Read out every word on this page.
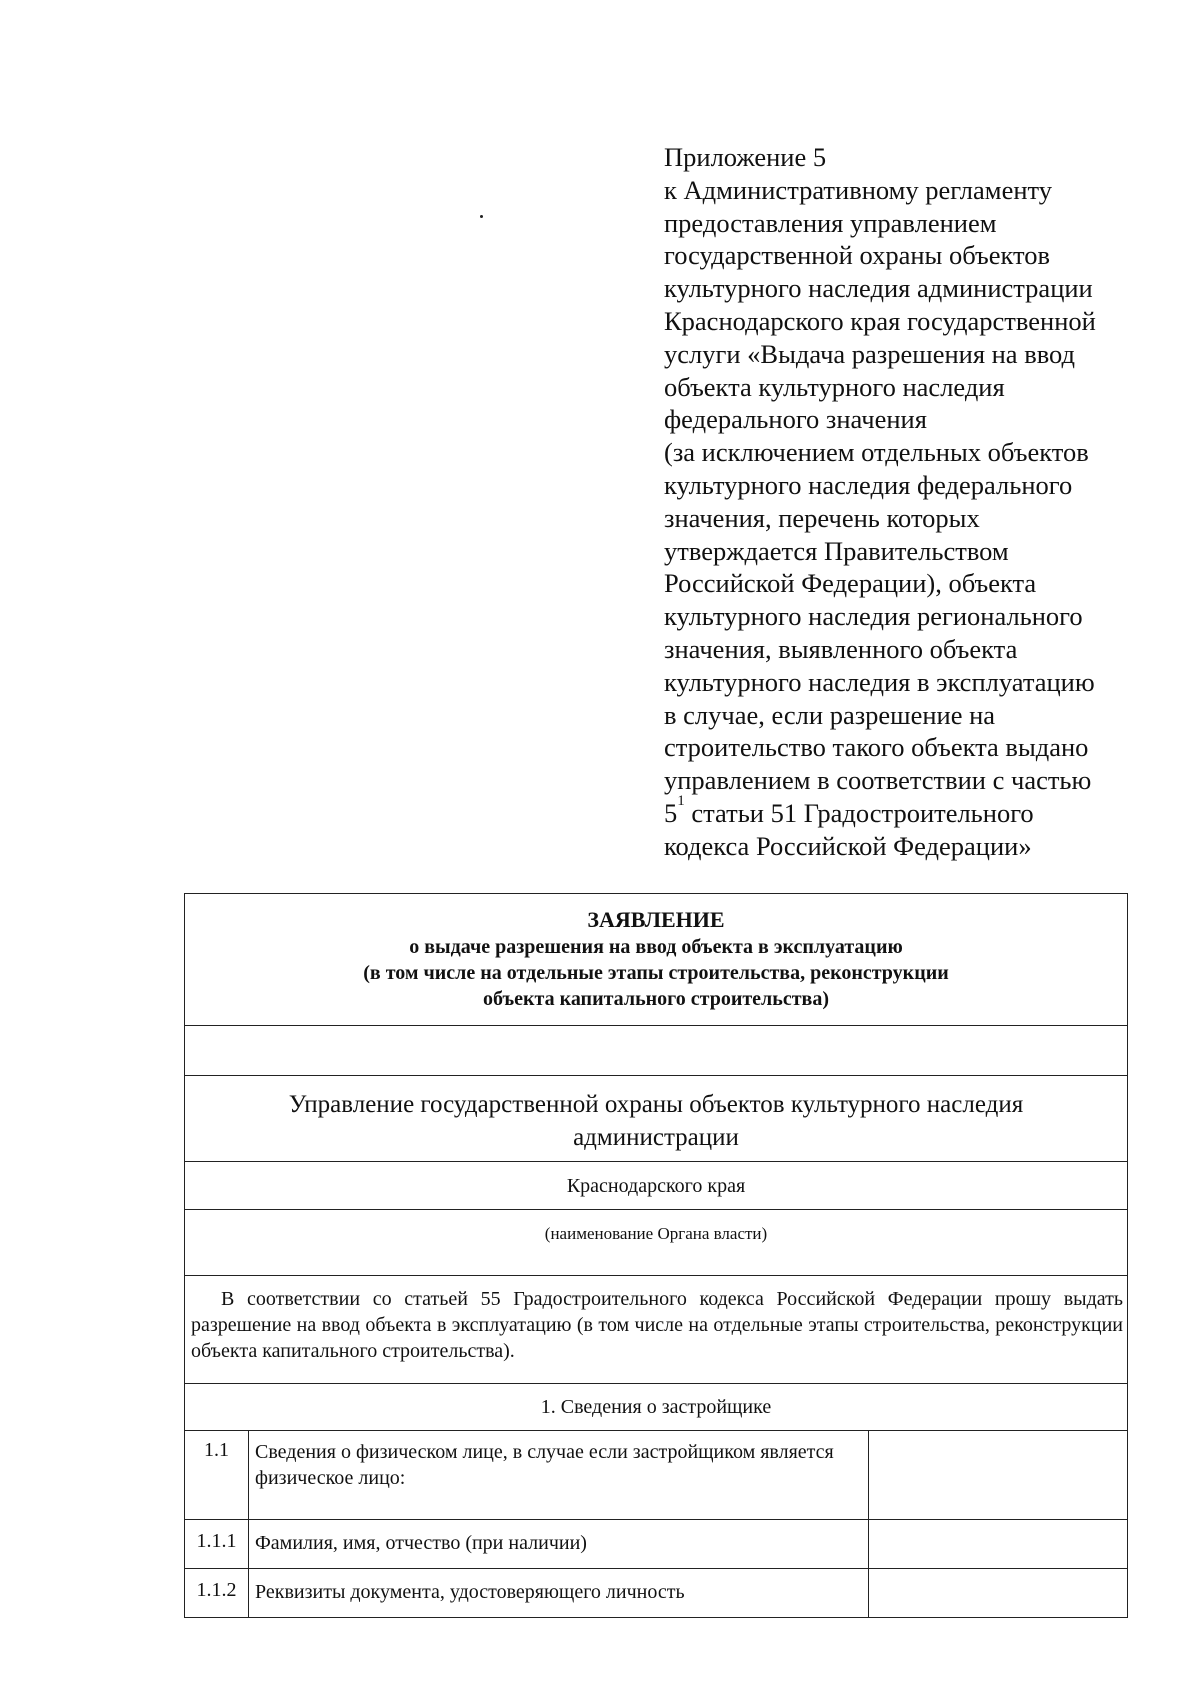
Приложение 5
к Административному регламенту
предоставления управлением
государственной охраны объектов
культурного наследия администрации
Краснодарского края государственной
услуги «Выдача разрешения на ввод
объекта культурного наследия
федерального значения
(за исключением отдельных объектов
культурного наследия федерального
значения, перечень которых
утверждается Правительством
Российской Федерации), объекта
культурного наследия регионального
значения, выявленного объекта
культурного наследия в эксплуатацию
в случае, если разрешение на
строительство такого объекта выдано
управлением в соответствии с частью
$5^1$ статьи 51 Градостроительного
кодекса Российской Федерации»
ЗАЯВЛЕНИЕ
о выдаче разрешения на ввод объекта в эксплуатацию
(в том числе на отдельные этапы строительства, реконструкции
объекта капитального строительства)
Управление государственной охраны объектов культурного наследия
администрации
Краснодарского края
(наименование Органа власти)
В соответствии со статьей 55 Градостроительного кодекса Российской Федерации прошу выдать разрешение на ввод объекта в эксплуатацию (в том числе на отдельные этапы строительства, реконструкции объекта капитального строительства).
1. Сведения о застройщике
1.1	Сведения о физическом лице, в случае если застройщиком является физическое лицо:
1.1.1 Фамилия, имя, отчество (при наличии)
1.1.2 Реквизиты документа, удостоверяющего личность
